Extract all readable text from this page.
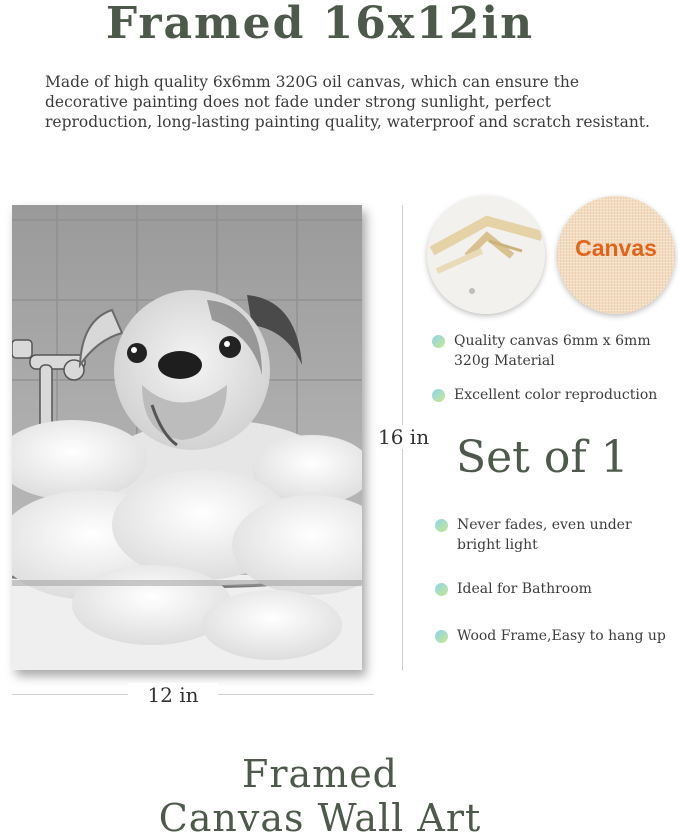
Framed 16x12in

Made of high quality 6x6mm 320G oil canvas, which can ensure the decorative painting does not fade under strong sunlight, perfect reproduction, long-lasting painting quality, waterproof and scratch resistant.

16 in
12 in
Canvas
Quality canvas 6mm x 6mm 320g Material
Excellent color reproduction
Set of 1
Never fades, even under bright light
Ideal for Bathroom
Wood Frame,Easy to hang up
Framed
Canvas Wall Art
